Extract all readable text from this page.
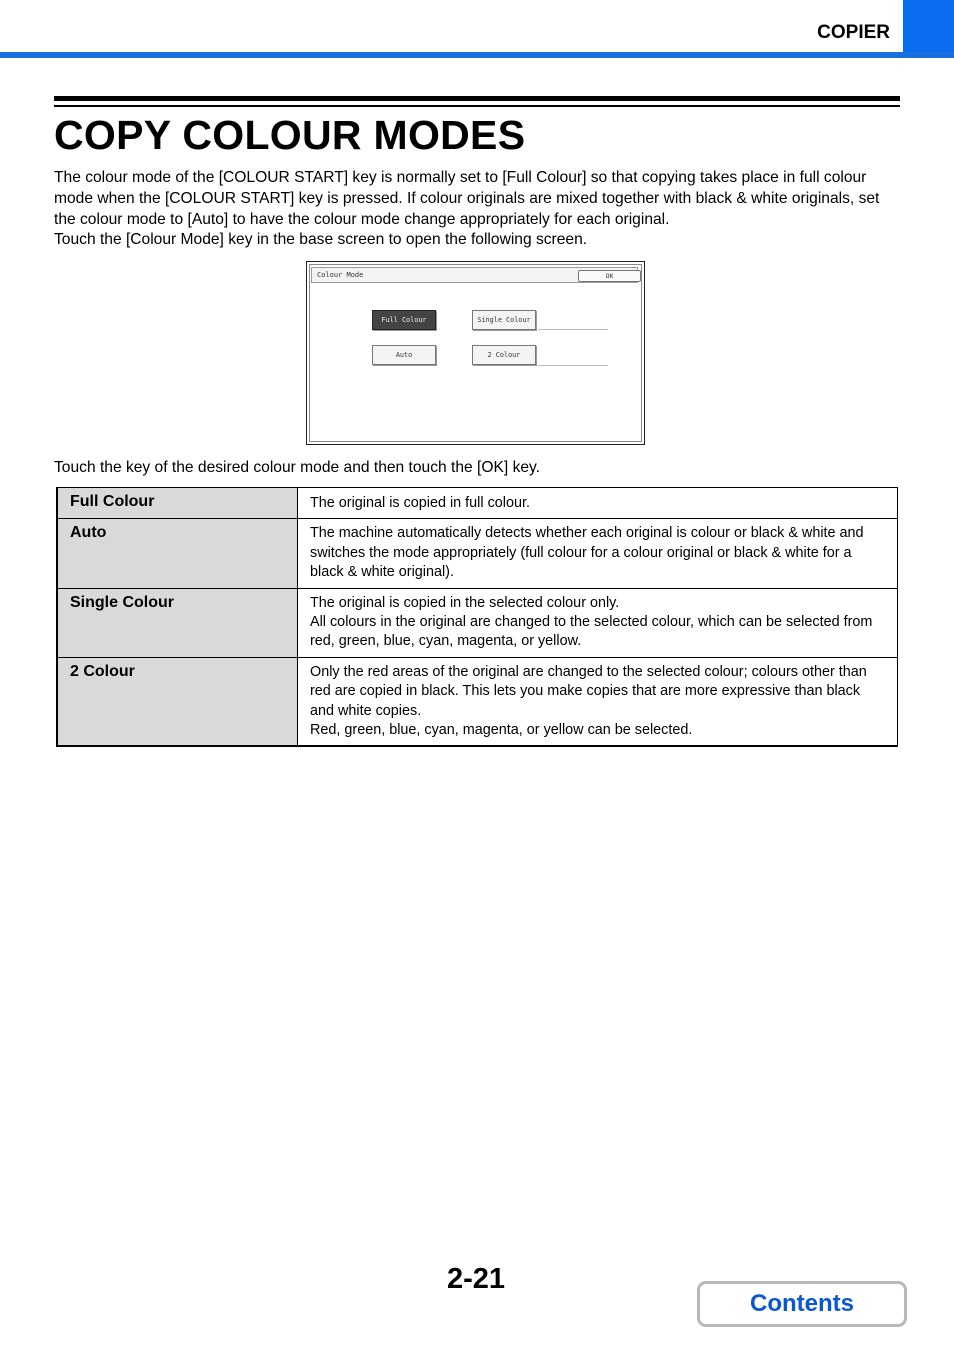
COPIER
COPY COLOUR MODES

The colour mode of the [COLOUR START] key is normally set to [Full Colour] so that copying takes place in full colour mode when the [COLOUR START] key is pressed. If colour originals are mixed together with black & white originals, set the colour mode to [Auto] to have the colour mode change appropriately for each original.

Touch the [Colour Mode] key in the base screen to open the following screen.

Colour Mode	OK
Full Colour	Single Colour
Auto	2 Colour
Touch the key of the desired colour mode and then touch the [OK] key.
Full Colour	The original is copied in full colour.

Auto	The machine automatically detects whether each original is colour or black & white and switches the mode appropriately (full colour for a colour original or black & white for a black & white original).

Single Colour	The original is copied in the selected colour only.

All colours in the original are changed to the selected colour, which can be selected from red, green, blue, cyan, magenta, or yellow.

2 Colour	Only the red areas of the original are changed to the selected colour; colours other than red are copied in black. This lets you make copies that are more expressive than black and white copies.

Red, green, blue, cyan, magenta, or yellow can be selected.

2-21
Contents
